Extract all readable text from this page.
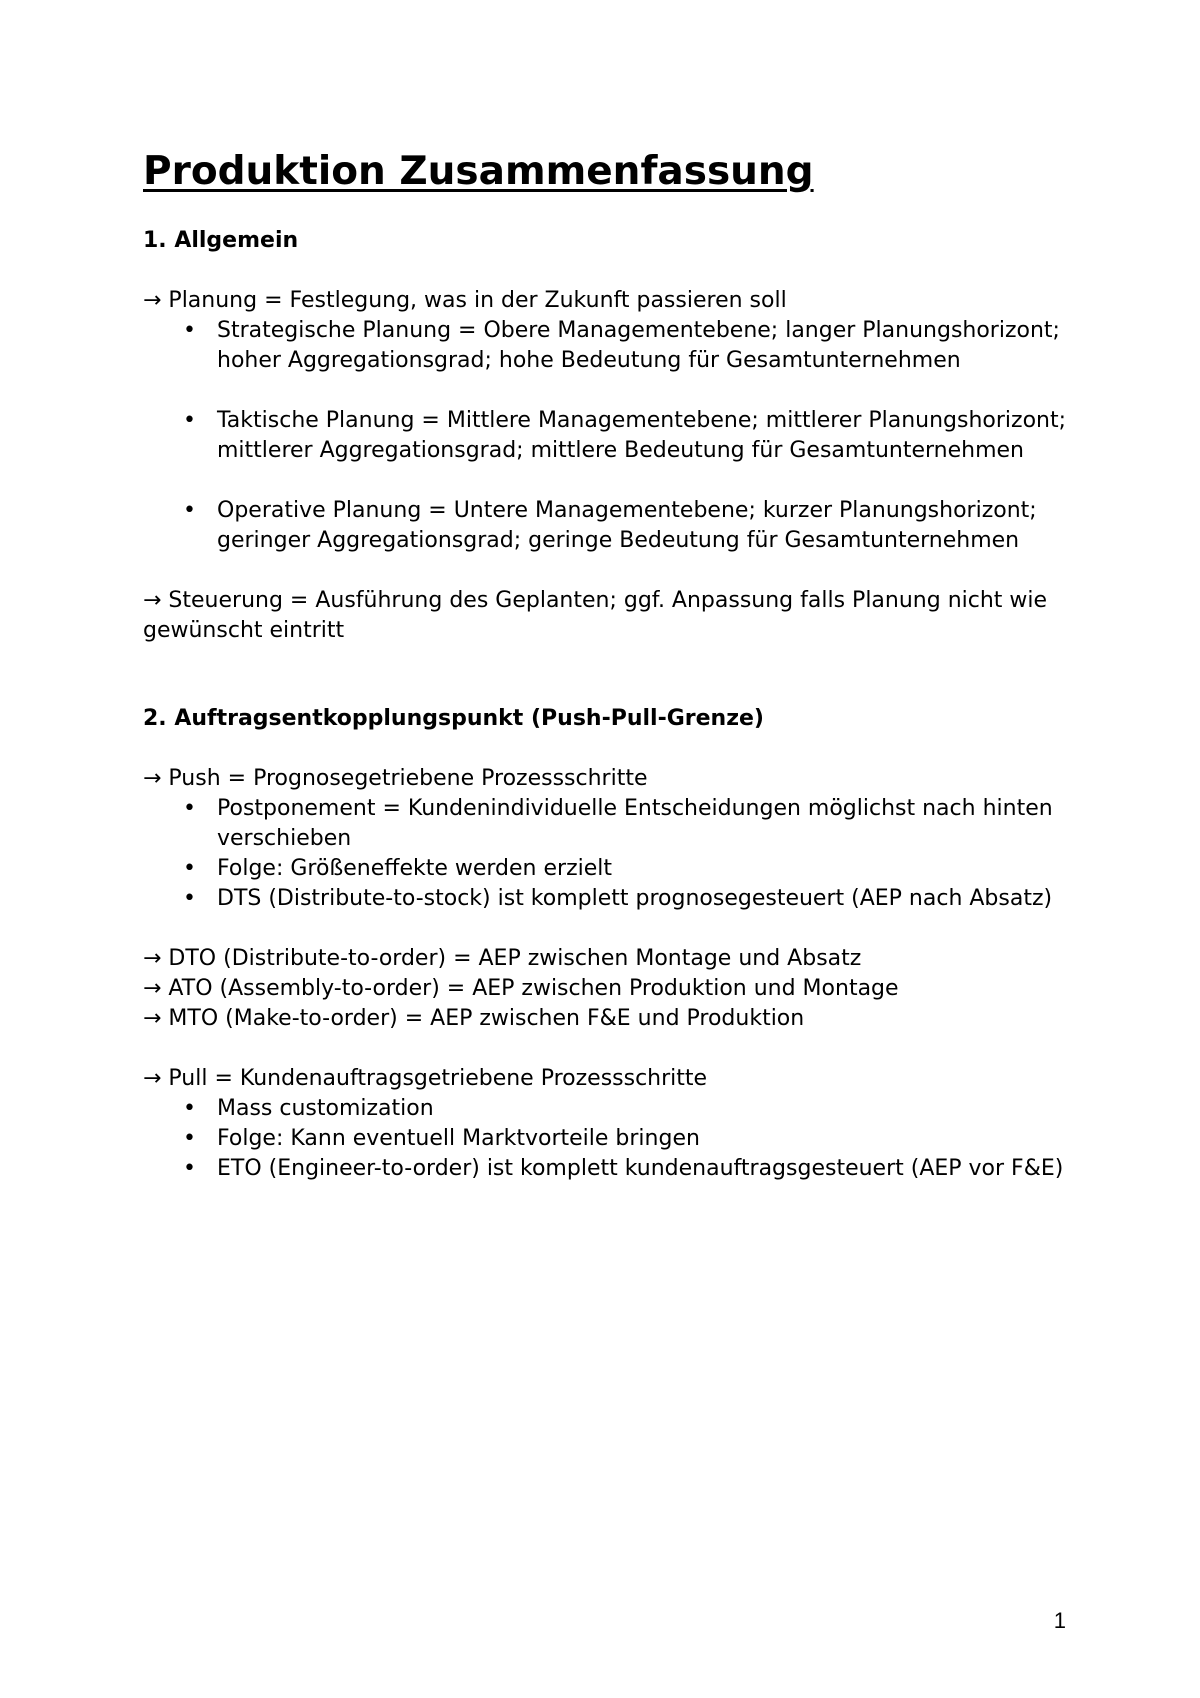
Produktion Zusammenfassung

1. Allgemein

→ Planung = Festlegung, was in der Zukunft passieren soll

• Strategische Planung = Obere Managementebene; langer Planungshorizont; hoher Aggregationsgrad; hohe Bedeutung für Gesamtunternehmen
• Taktische Planung = Mittlere Managementebene; mittlerer Planungshorizont; mittlerer Aggregationsgrad; mittlere Bedeutung für Gesamtunternehmen
• Operative Planung = Untere Managementebene; kurzer Planungshorizont; geringer Aggregationsgrad; geringe Bedeutung für Gesamtunternehmen

→ Steuerung = Ausführung des Geplanten; ggf. Anpassung falls Planung nicht wie gewünscht eintritt

2. Auftragsentkopplungspunkt (Push-Pull-Grenze)

→ Push = Prognosegetriebene Prozessschritte

• Postponement = Kundenindividuelle Entscheidungen möglichst nach hinten verschieben
• Folge: Größeneffekte werden erzielt
• DTS (Distribute-to-stock) ist komplett prognosegesteuert (AEP nach Absatz)

→ DTO (Distribute-to-order) = AEP zwischen Montage und Absatz

→ ATO (Assembly-to-order) = AEP zwischen Produktion und Montage

→ MTO (Make-to-order) = AEP zwischen F&E und Produktion

→ Pull = Kundenauftragsgetriebene Prozessschritte

• Mass customization
• Folge: Kann eventuell Marktvorteile bringen
• ETO (Engineer-to-order) ist komplett kundenauftragsgesteuert (AEP vor F&E)
1
